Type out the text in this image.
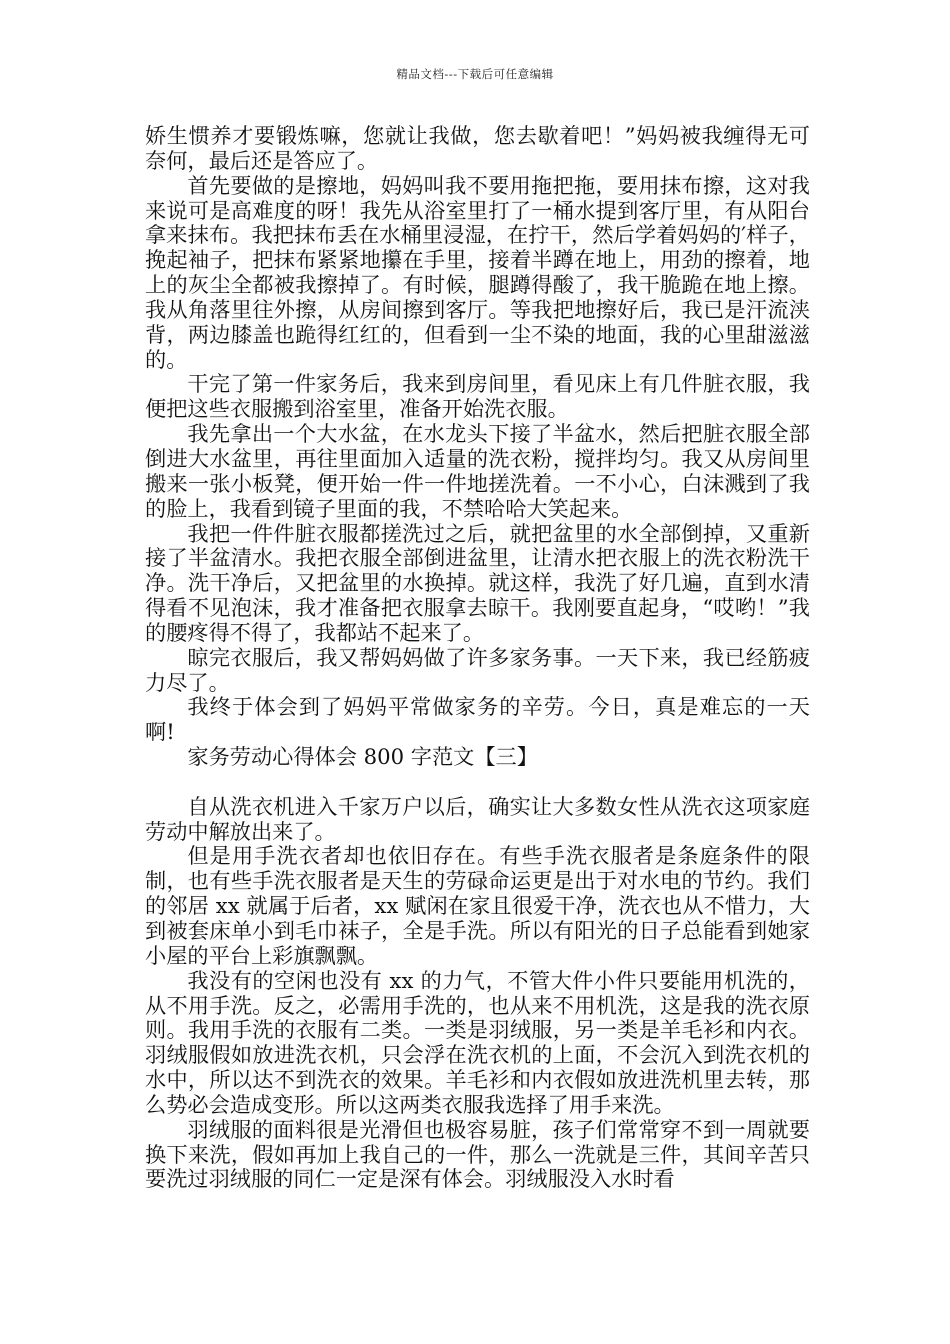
精品文档---下载后可任意编辑

娇生惯养才要锻炼嘛，您就让我做，您去歇着吧！”妈妈被我缠得无可奈何，最后还是答应了。

首先要做的是擦地，妈妈叫我不要用拖把拖，要用抹布擦，这对我来说可是高难度的呀！我先从浴室里打了一桶水提到客厅里，有从阳台拿来抹布。我把抹布丢在水桶里浸湿，在拧干，然后学着妈妈的′样子，挽起袖子，把抹布紧紧地攥在手里，接着半蹲在地上，用劲的擦着，地上的灰尘全都被我擦掉了。有时候，腿蹲得酸了，我干脆跪在地上擦。我从角落里往外擦，从房间擦到客厅。等我把地擦好后，我已是汗流浃背，两边膝盖也跪得红红的，但看到一尘不染的地面，我的心里甜滋滋的。

干完了第一件家务后，我来到房间里，看见床上有几件脏衣服，我便把这些衣服搬到浴室里，准备开始洗衣服。

我先拿出一个大水盆，在水龙头下接了半盆水，然后把脏衣服全部倒进大水盆里，再往里面加入适量的洗衣粉，搅拌均匀。我又从房间里搬来一张小板凳，便开始一件一件地搓洗着。一不小心，白沫溅到了我的脸上，我看到镜子里面的我，不禁哈哈大笑起来。

我把一件件脏衣服都搓洗过之后，就把盆里的水全部倒掉，又重新接了半盆清水。我把衣服全部倒进盆里，让清水把衣服上的洗衣粉洗干净。洗干净后，又把盆里的水换掉。就这样，我洗了好几遍，直到水清得看不见泡沫，我才准备把衣服拿去晾干。我刚要直起身，“哎哟！”我的腰疼得不得了，我都站不起来了。

晾完衣服后，我又帮妈妈做了许多家务事。一天下来，我已经筋疲力尽了。

我终于体会到了妈妈平常做家务的辛劳。今日，真是难忘的一天啊!

家务劳动心得体会 800 字范文【三】

自从洗衣机进入千家万户以后，确实让大多数女性从洗衣这项家庭劳动中解放出来了。

但是用手洗衣者却也依旧存在。有些手洗衣服者是条庭条件的限制，也有些手洗衣服者是天生的劳碌命运更是出于对水电的节约。我们的邻居 xx 就属于后者，xx 赋闲在家且很爱干净，洗衣也从不惜力，大到被套床单小到毛巾袜子，全是手洗。所以有阳光的日子总能看到她家小屋的平台上彩旗飘飘。

我没有的空闲也没有 xx 的力气，不管大件小件只要能用机洗的，从不用手洗。反之，必需用手洗的，也从来不用机洗，这是我的洗衣原则。我用手洗的衣服有二类。一类是羽绒服，另一类是羊毛衫和内衣。羽绒服假如放进洗衣机，只会浮在洗衣机的上面，不会沉入到洗衣机的水中，所以达不到洗衣的效果。羊毛衫和内衣假如放进洗机里去转，那么势必会造成变形。所以这两类衣服我选择了用手来洗。

羽绒服的面料很是光滑但也极容易脏，孩子们常常穿不到一周就要换下来洗，假如再加上我自己的一件，那么一洗就是三件，其间辛苦只要洗过羽绒服的同仁一定是深有体会。羽绒服没入水时看
